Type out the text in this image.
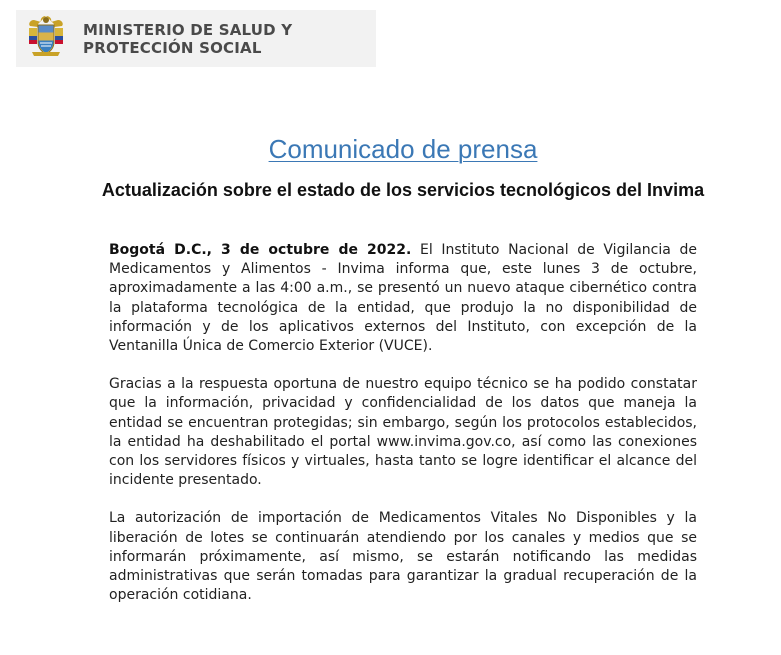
MINISTERIO DE SALUD Y
PROTECCIÓN SOCIAL
Comunicado de prensa
Actualización sobre el estado de los servicios tecnológicos del Invima

Bogotá D.C., 3 de octubre de 2022. El Instituto Nacional de Vigilancia de Medicamentos y Alimentos - Invima informa que, este lunes 3 de octubre, aproximadamente a las 4:00 a.m., se presentó un nuevo ataque cibernético contra la plataforma tecnológica de la entidad, que produjo la no disponibilidad de información y de los aplicativos externos del Instituto, con excepción de la Ventanilla Única de Comercio Exterior (VUCE).

Gracias a la respuesta oportuna de nuestro equipo técnico se ha podido constatar que la información, privacidad y confidencialidad de los datos que maneja la entidad se encuentran protegidas; sin embargo, según los protocolos establecidos, la entidad ha deshabilitado el portal www.invima.gov.co, así como las conexiones con los servidores físicos y virtuales, hasta tanto se logre identificar el alcance del incidente presentado.

La autorización de importación de Medicamentos Vitales No Disponibles y la liberación de lotes se continuarán atendiendo por los canales y medios que se informarán próximamente, así mismo, se estarán notificando las medidas administrativas que serán tomadas para garantizar la gradual recuperación de la operación cotidiana.
